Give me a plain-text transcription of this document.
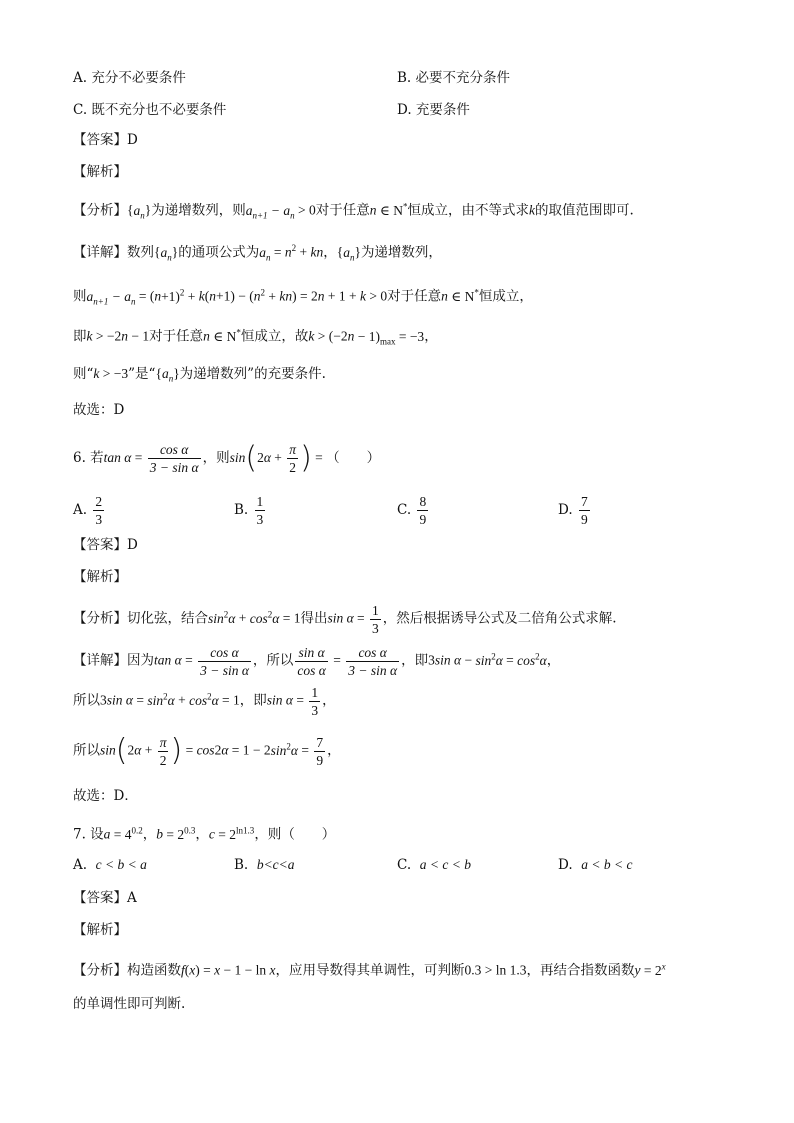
A. 充分不必要条件	B. 必要不充分条件
C. 既不充分也不必要条件	D. 充要条件
【答案】D
【解析】
【分析】$\{a_n\}$为递增数列，则$a_{n+1} - a_n > 0$对于任意n ∈ N*恒成立，由不等式求k的取值范围即可.
【详解】数列$\{a_n\}$的通项公式为$a_n = n^2$ + kn，$\{a_n\}$为递增数列，
则$a_{n+1} - a_n = (n+1)^2 + k(n+1) - (n^2 + kn) = 2n + 1 + k > 0$对于任意n ∈ N*恒成立，
即k > −2n − 1对于任意n ∈ N*恒成立，故$k > (-2n - 1)_{max} = -3$，
则“k > −3”是“$\{a_n\}$为递增数列”的充要条件.
故选：D
6. 若$\tan \alpha = \frac{\text{cos α}}{\text{3 − sin α}}$ ，则$\sin(2\alpha + \frac{\pi}{2}$ ) = （　　）
A. $\frac{2}{3}$	B. $\frac{1}{3}$	C. $\frac{8}{9}$	D. $\frac{7}{9}$
【答案】D
【解析】
【分析】切化弦，结合$\sin^2\alpha + \cos^2\alpha = 1$得出$\sin \alpha = \frac{1}{3}$ ，然后根据诱导公式及二倍角公式求解.
【详解】因为$\tan \alpha = \frac{\text{cos α}}{\text{3 − sin α}}$ ，所以 $\frac{\text{sin α}}{\text{cos α}} = \frac{\text{cos α}}{\text{3 − sin α}}$ ，即3sin $\alpha - \sin^2\alpha = \cos^2\alpha$，
所以3sin $\alpha = \sin^2\alpha + \cos^2\alpha = 1$，即$\sin \alpha = \frac{1}{3}$ ，
所以$\sin(2\alpha + \frac{\pi}{2}$ ) = $\cos 2\alpha = 1 - 2\sin^2\alpha = \frac{7}{9}$ ，
故选：D．
7. 设$a = 4^{0.2}$，$b = 2^{0.3}$，$c = 2^{ln1.3}$，则（　　）
A. c < b < a	B. b<c<a	C. a < c < b	D. a < b < c
【答案】A
【解析】
【分析】构造函数f(x) = x − 1 − ln x，应用导数得其单调性，可判断0.3 > ln 1.3，再结合指数函数$y = 2^x$
的单调性即可判断.
